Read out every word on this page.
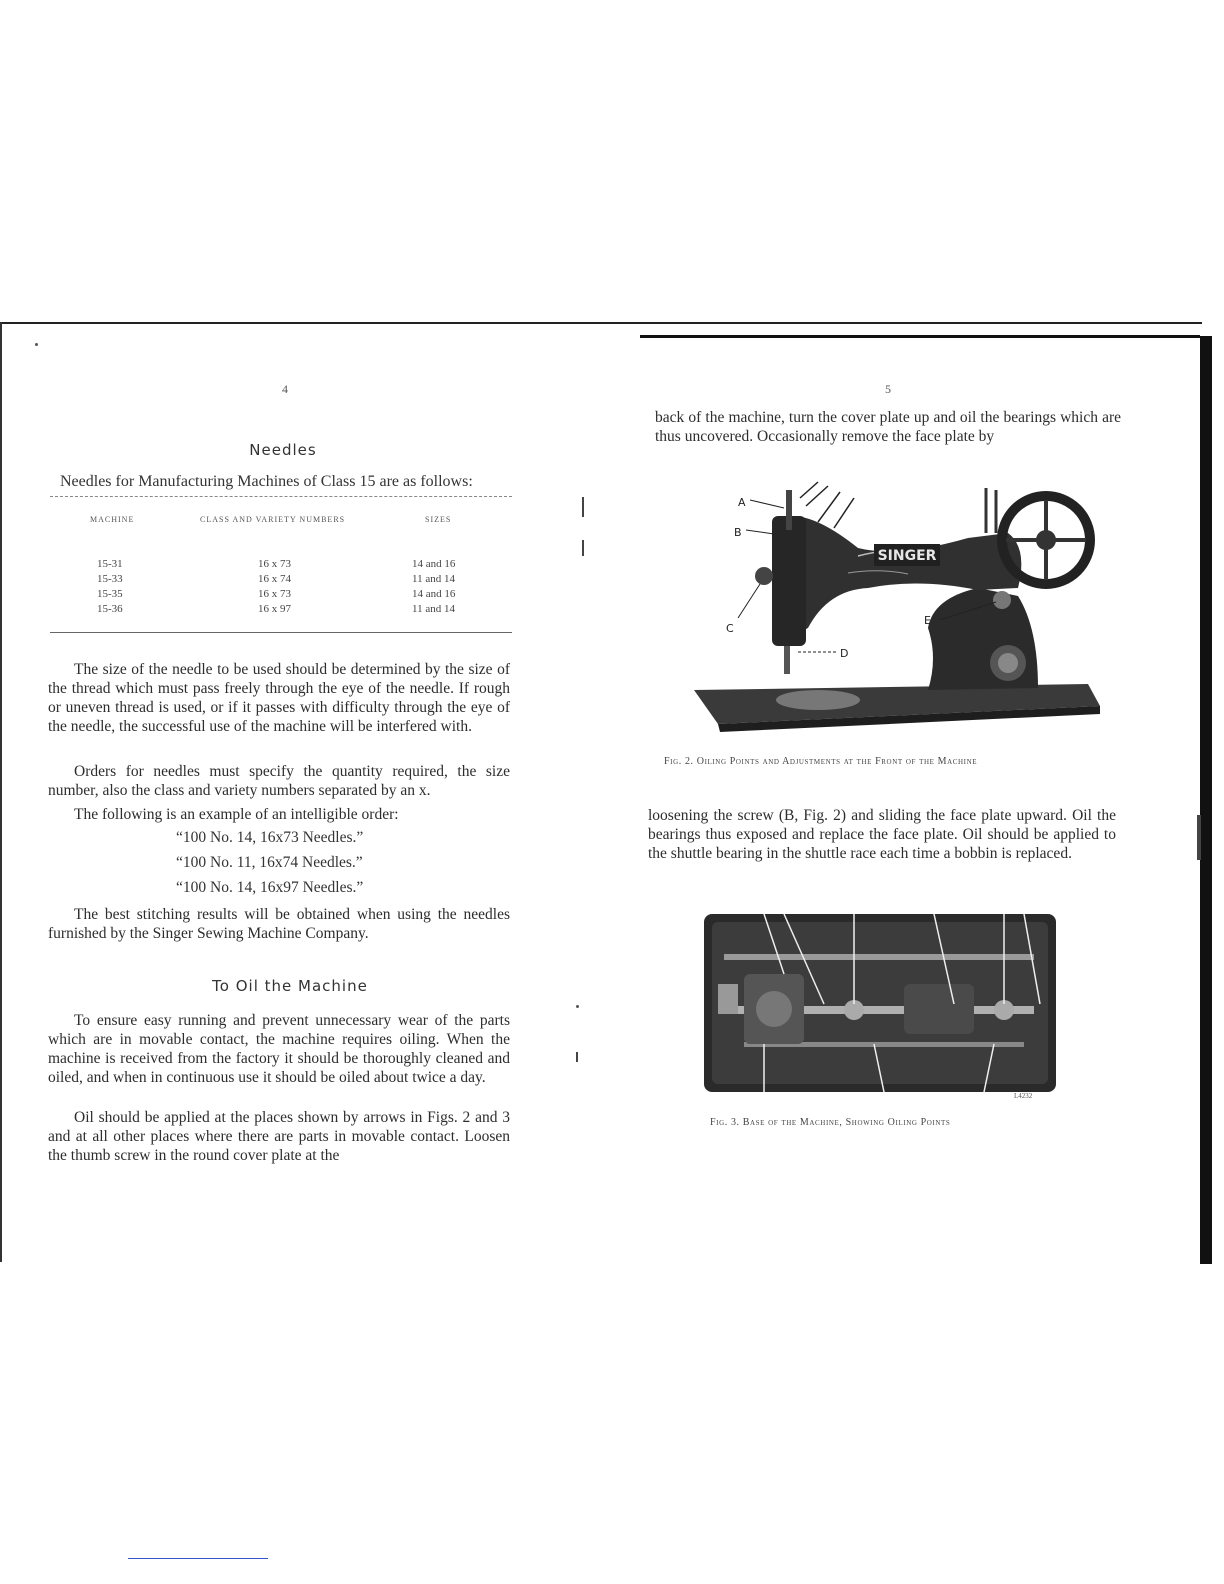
4
Needles
Needles for Manufacturing Machines of Class 15 are as follows:
MACHINE	CLASS AND VARIETY NUMBERS	SIZES
15-31	16 x 73	14 and 16
15-33	16 x 74	11 and 14
15-35	16 x 73	14 and 16
15-36	16 x 97	11 and 14
The size of the needle to be used should be determined by the size of the thread which must pass freely through the eye of the needle. If rough or uneven thread is used, or if it passes with difficulty through the eye of the needle, the successful use of the machine will be interfered with.
Orders for needles must specify the quantity required, the size number, also the class and variety numbers separated by an x.
The following is an example of an intelligible order:
“100 No. 14, 16x73 Needles.”
“100 No. 11, 16x74 Needles.”
“100 No. 14, 16x97 Needles.”
The best stitching results will be obtained when using the needles furnished by the Singer Sewing Machine Company.
To Oil the Machine
To ensure easy running and prevent unnecessary wear of the parts which are in movable contact, the machine requires oiling. When the machine is received from the factory it should be thoroughly cleaned and oiled, and when in continuous use it should be oiled about twice a day.
Oil should be applied at the places shown by arrows in Figs. 2 and 3 and at all other places where there are parts in movable contact. Loosen the thumb screw in the round cover plate at the
5
back of the machine, turn the cover plate up and oil the bearings which are thus uncovered. Occasionally remove the face plate by
SINGER
A
B
C
D
E
Fig. 2. Oiling Points and Adjustments at the Front of the Machine
loosening the screw (B, Fig. 2) and sliding the face plate upward. Oil the bearings thus exposed and replace the face plate. Oil should be applied to the shuttle bearing in the shuttle race each time a bobbin is replaced.
L4232
Fig. 3. Base of the Machine, Showing Oiling Points
